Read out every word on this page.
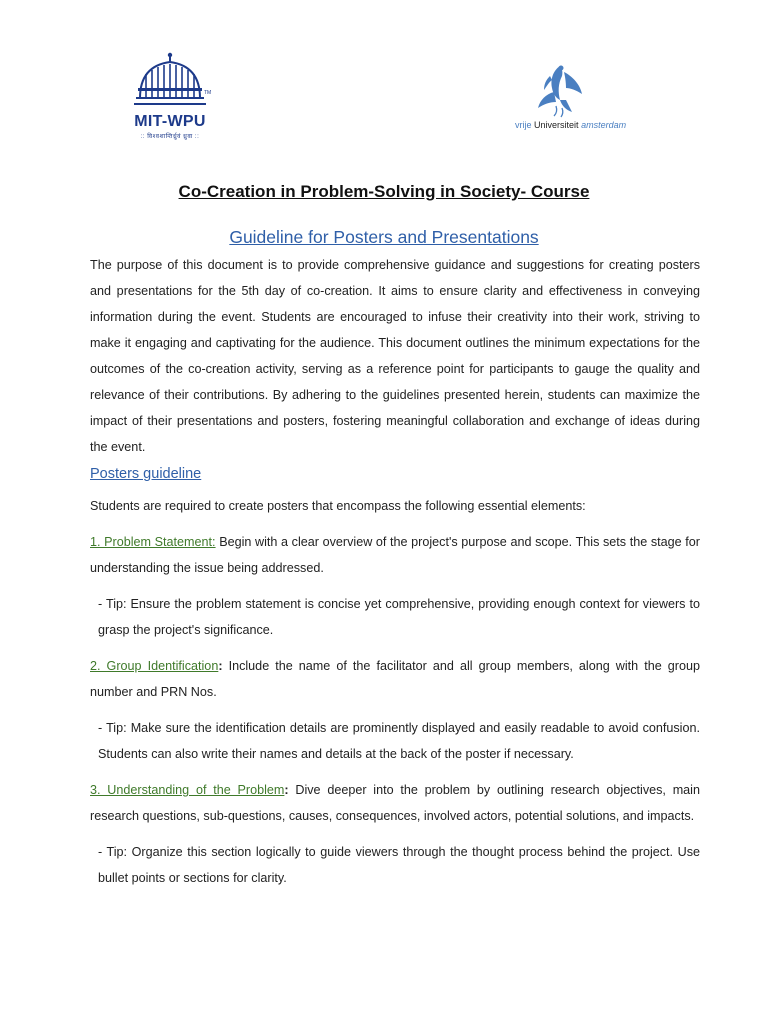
TM
MIT-WPU
:: विश्वशान्तिर्ध्रुवं ध्रुवा ::
vrije Universiteit amsterdam
Co-Creation in Problem-Solving in Society- Course
Guideline for Posters and Presentations
The purpose of this document is to provide comprehensive guidance and suggestions for creating posters and presentations for the 5th day of co-creation. It aims to ensure clarity and effectiveness in conveying information during the event. Students are encouraged to infuse their creativity into their work, striving to make it engaging and captivating for the audience. This document outlines the minimum expectations for the outcomes of the co-creation activity, serving as a reference point for participants to gauge the quality and relevance of their contributions. By adhering to the guidelines presented herein, students can maximize the impact of their presentations and posters, fostering meaningful collaboration and exchange of ideas during the event.
Posters guideline
Students are required to create posters that encompass the following essential elements:
1. Problem Statement: Begin with a clear overview of the project's purpose and scope. This sets the stage for understanding the issue being addressed.
- Tip: Ensure the problem statement is concise yet comprehensive, providing enough context for viewers to grasp the project's significance.
2. Group Identification: Include the name of the facilitator and all group members, along with the group number and PRN Nos.
- Tip: Make sure the identification details are prominently displayed and easily readable to avoid confusion. Students can also write their names and details at the back of the poster if necessary.
3. Understanding of the Problem: Dive deeper into the problem by outlining research objectives, main research questions, sub-questions, causes, consequences, involved actors, potential solutions, and impacts.
- Tip: Organize this section logically to guide viewers through the thought process behind the project. Use bullet points or sections for clarity.
